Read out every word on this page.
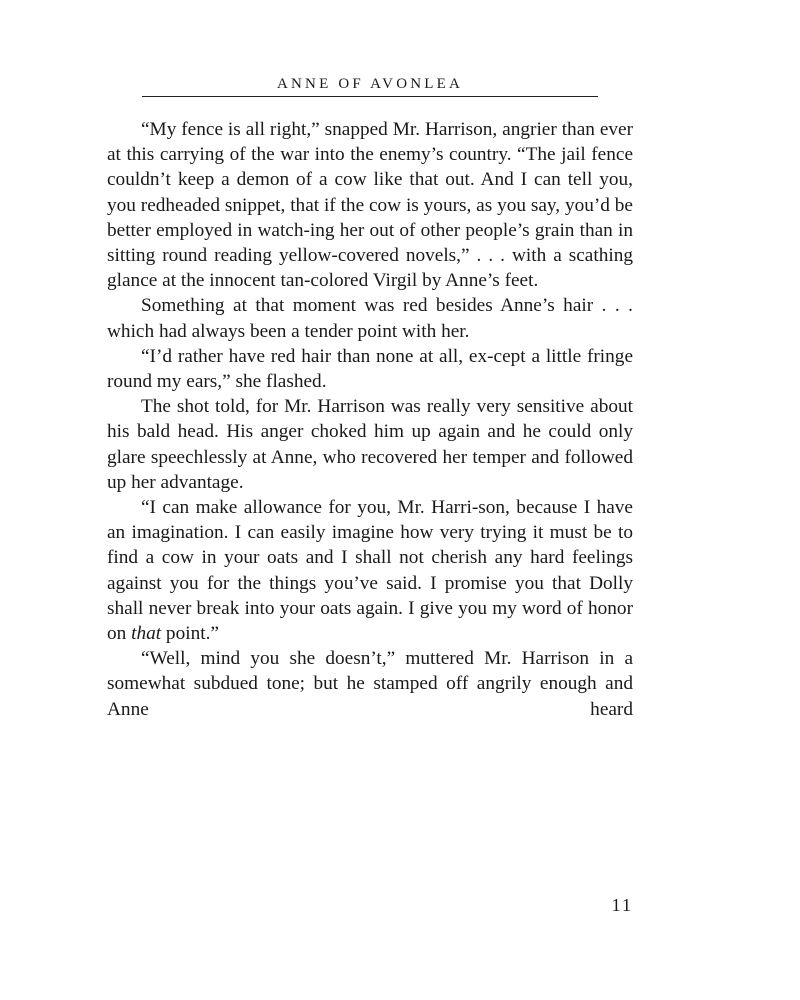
ANNE OF AVONLEA

“My fence is all right,” snapped Mr. Harrison, angrier than ever at this carrying of the war into the enemy’s country. “The jail fence couldn’t keep a demon of a cow like that out. And I can tell you, you redheaded snippet, that if the cow is yours, as you say, you’d be better employed in watch-ing her out of other people’s grain than in sitting round reading yellow-covered novels,” . . . with a scathing glance at the innocent tan-colored Virgil by Anne’s feet.

Something at that moment was red besides Anne’s hair . . . which had always been a tender point with her.

“I’d rather have red hair than none at all, ex-cept a little fringe round my ears,” she flashed.

The shot told, for Mr. Harrison was really very sensitive about his bald head. His anger choked him up again and he could only glare speechlessly at Anne, who recovered her temper and followed up her advantage.

“I can make allowance for you, Mr. Harri-son, because I have an imagination. I can easily imagine how very trying it must be to find a cow in your oats and I shall not cherish any hard feelings against you for the things you’ve said. I promise you that Dolly shall never break into your oats again. I give you my word of honor on that point.”

“Well, mind you she doesn’t,” muttered Mr. Harrison in a somewhat subdued tone; but he stamped off angrily enough and Anne heard

11
